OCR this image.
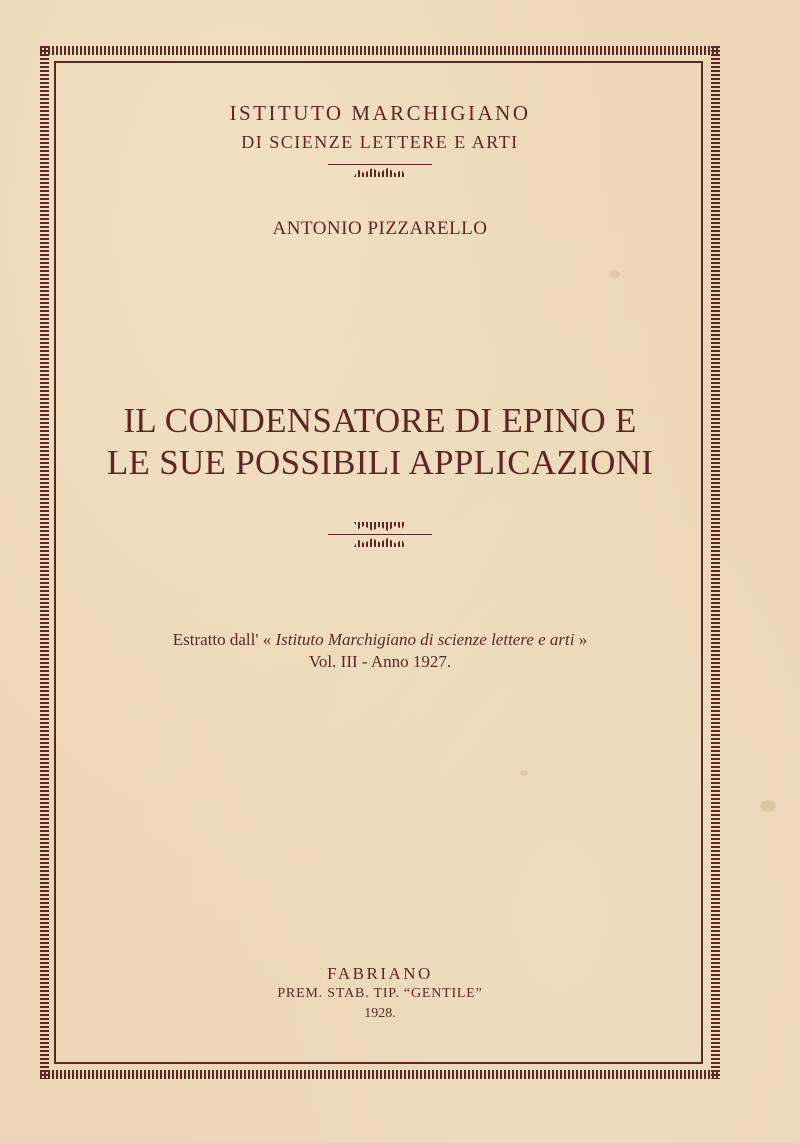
ISTITUTO MARCHIGIANO
DI SCIENZE LETTERE E ARTI
ANTONIO PIZZARELLO
IL CONDENSATORE DI EPINO E
LE SUE POSSIBILI APPLICAZIONI
Estratto dall' « Istituto Marchigiano di scienze lettere e arti »
Vol. III - Anno 1927.
FABRIANO
PREM. STAB. TIP. “GENTILE”
1928.
